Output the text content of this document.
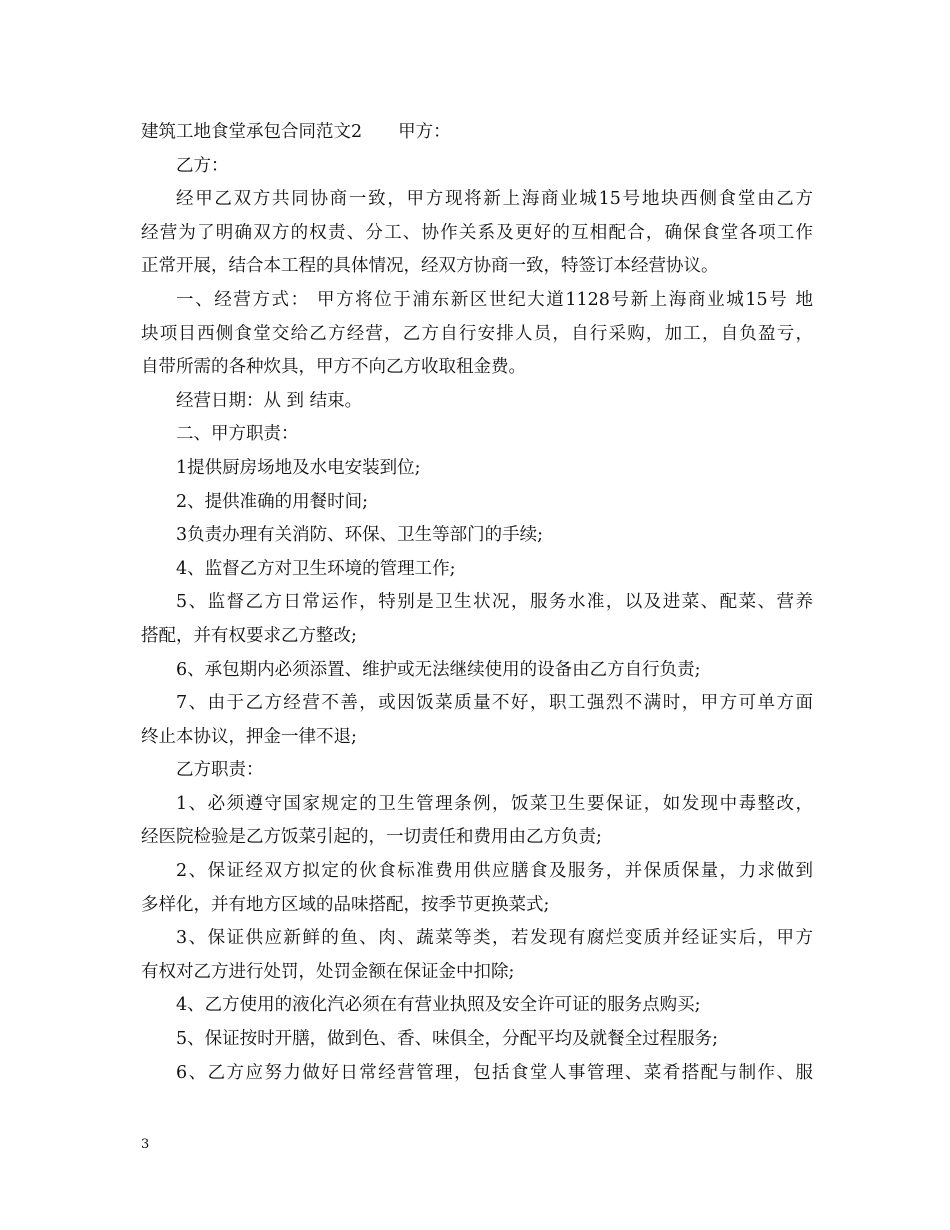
建筑工地食堂承包合同范文2 甲方：
乙方：
经甲乙双方共同协商一致，甲方现将新上海商业城15号地块西侧食堂由乙方
经营为了明确双方的权责、分工、协作关系及更好的互相配合，确保食堂各项工作
正常开展，结合本工程的具体情况，经双方协商一致，特签订本经营协议。
一、经营方式： 甲方将位于浦东新区世纪大道1128号新上海商业城15号 地
块项目西侧食堂交给乙方经营，乙方自行安排人员，自行采购，加工，自负盈亏，
自带所需的各种炊具，甲方不向乙方收取租金费。
经营日期：从 到 结束。
二、甲方职责：
1提供厨房场地及水电安装到位;
2、提供准确的用餐时间;
3负责办理有关消防、环保、卫生等部门的手续;
4、监督乙方对卫生环境的管理工作;
5、监督乙方日常运作，特别是卫生状况，服务水准，以及进菜、配菜、营养
搭配，并有权要求乙方整改;
6、承包期内必须添置、维护或无法继续使用的设备由乙方自行负责;
7、由于乙方经营不善，或因饭菜质量不好，职工强烈不满时，甲方可单方面
终止本协议，押金一律不退;
乙方职责：
1、必须遵守国家规定的卫生管理条例，饭菜卫生要保证，如发现中毒整改，
经医院检验是乙方饭菜引起的，一切责任和费用由乙方负责;
2、保证经双方拟定的伙食标准费用供应膳食及服务，并保质保量，力求做到
多样化，并有地方区域的品味搭配，按季节更换菜式;
3、保证供应新鲜的鱼、肉、蔬菜等类，若发现有腐烂变质并经证实后，甲方
有权对乙方进行处罚，处罚金额在保证金中扣除;
4、乙方使用的液化汽必须在有营业执照及安全许可证的服务点购买;
5、保证按时开膳，做到色、香、味俱全，分配平均及就餐全过程服务;
6、乙方应努力做好日常经营管理，包括食堂人事管理、菜肴搭配与制作、服
3
